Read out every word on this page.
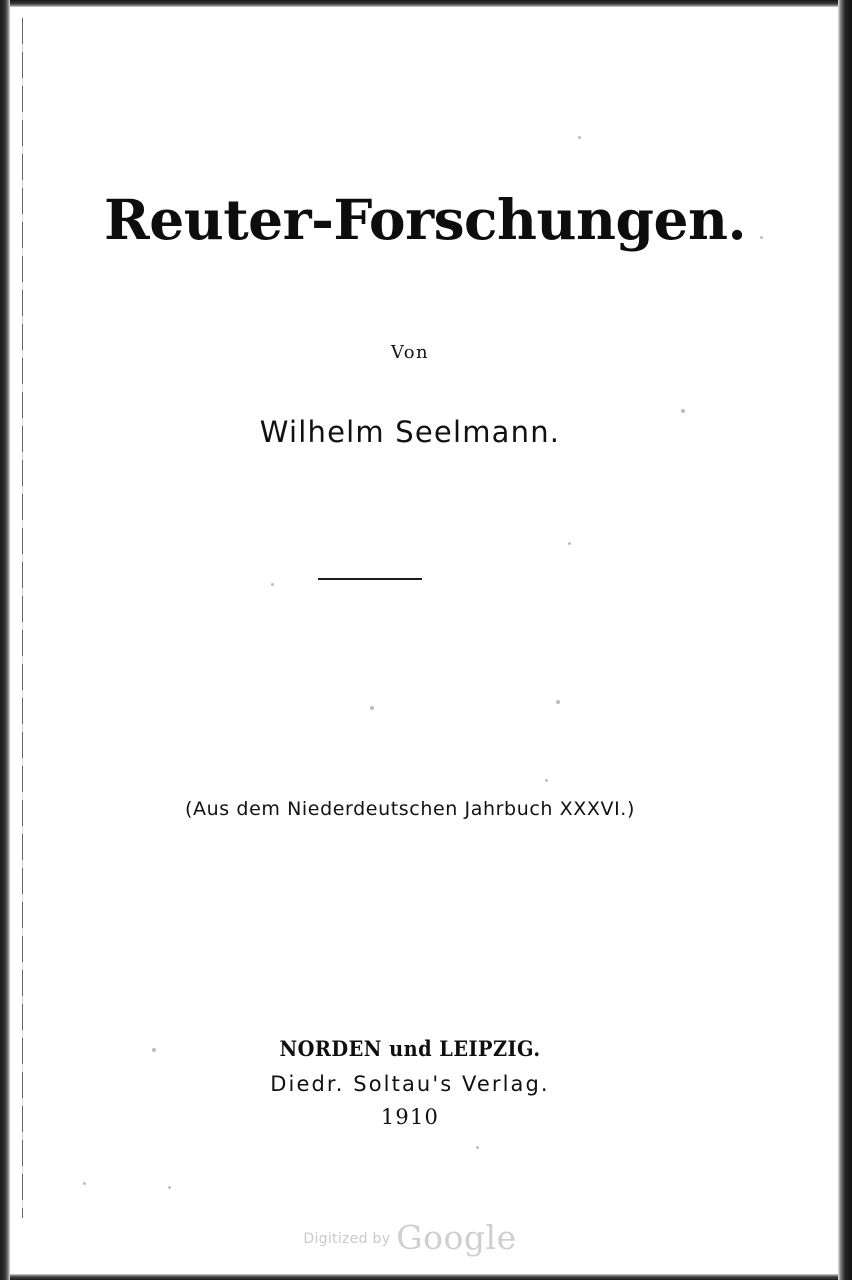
Reuter-Forschungen.
Von
Wilhelm Seelmann.
(Aus dem Niederdeutschen Jahrbuch XXXVI.)
NORDEN und LEIPZIG.
Diedr. Soltau's Verlag.
1910
Digitized by Google
